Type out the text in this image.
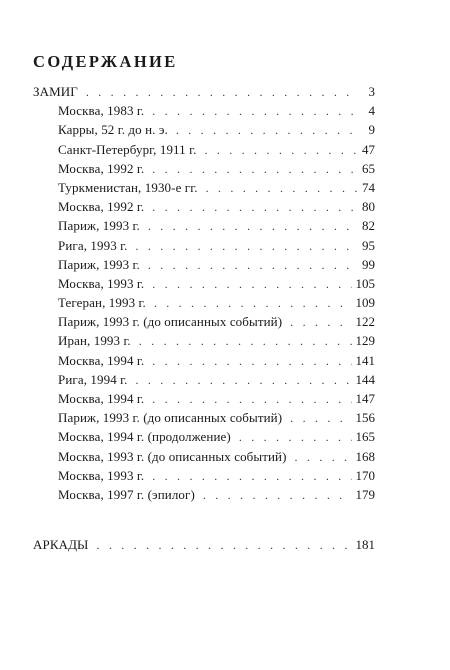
СОДЕРЖАНИЕ
ЗАМИГ . . .	3
Москва, 1983 г. . . .	4
Карры, 52 г. до н. э. . . .	9
Санкт-Петербург, 1911 г. . . .	47
Москва, 1992 г. . . .	65
Туркменистан, 1930-е гг. . . .	74
Москва, 1992 г. . . .	80
Париж, 1993 г. . . .	82
Рига, 1993 г. . . .	95
Париж, 1993 г. . . .	99
Москва, 1993 г. . . .	105
Тегеран, 1993 г. . . .	109
Париж, 1993 г. (до описанных событий) . . .	122
Иран, 1993 г. . . .	129
Москва, 1994 г. . . .	141
Рига, 1994 г. . . .	144
Москва, 1994 г. . . .	147
Париж, 1993 г. (до описанных событий) . . .	156
Москва, 1994 г. (продолжение) . . .	165
Москва, 1993 г. (до описанных событий) . . .	168
Москва, 1993 г. . . .	170
Москва, 1997 г. (эпилог) . . .	179
АРКАДЫ . . .	181
